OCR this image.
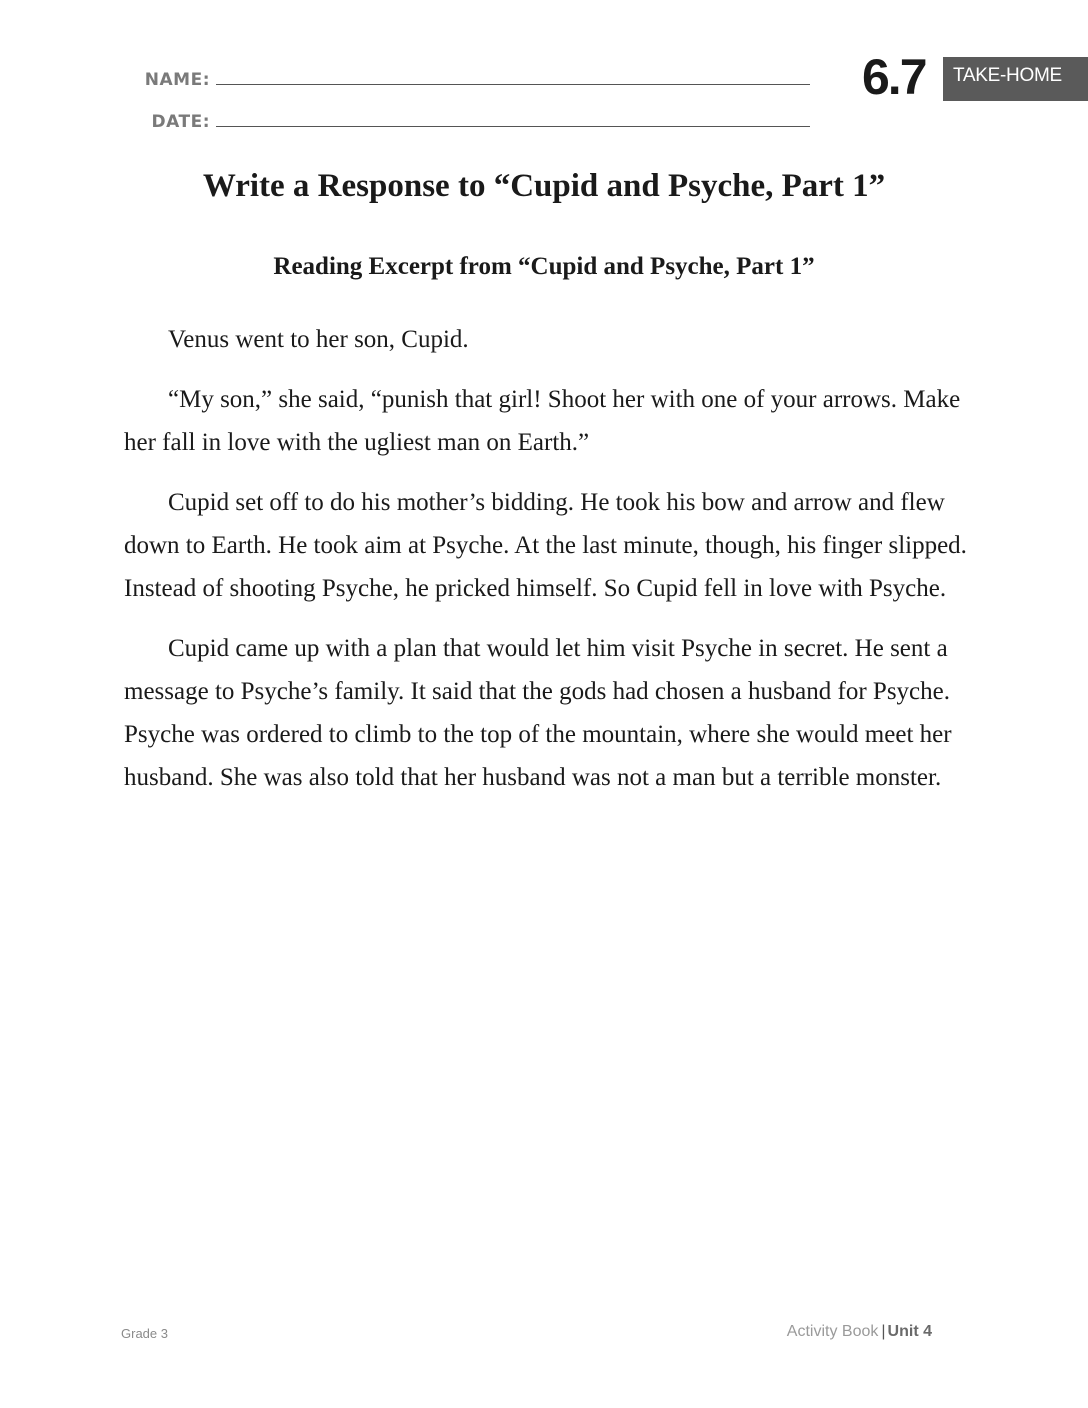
NAME:
DATE:
6.7	TAKE-HOME
Write a Response to “Cupid and Psyche, Part 1”
Reading Excerpt from “Cupid and Psyche, Part 1”

Venus went to her son, Cupid.

“My son,” she said, “punish that girl! Shoot her with one of your arrows. Make her fall in love with the ugliest man on Earth.”

Cupid set off to do his mother’s bidding. He took his bow and arrow and flew down to Earth. He took aim at Psyche. At the last minute, though, his finger slipped. Instead of shooting Psyche, he pricked himself. So Cupid fell in love with Psyche.

Cupid came up with a plan that would let him visit Psyche in secret. He sent a message to Psyche’s family. It said that the gods had chosen a husband for Psyche. Psyche was ordered to climb to the top of the mountain, where she would meet her husband. She was also told that her husband was not a man but a terrible monster.

Grade 3	Activity Book | Unit 4
